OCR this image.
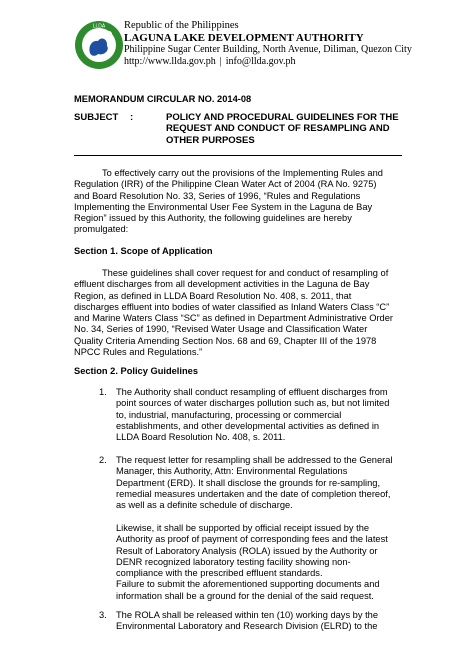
LLDA Republic of the Philippines
LAGUNA LAKE DEVELOPMENT AUTHORITY
Philippine Sugar Center Building, North Avenue, Diliman, Quezon City
http://www.llda.gov.ph | info@llda.gov.ph
MEMORANDUM CIRCULAR NO. 2014-08
SUBJECT :	POLICY AND PROCEDURAL GUIDELINES FOR THE
REQUEST AND CONDUCT OF RESAMPLING AND
OTHER PURPOSES
To effectively carry out the provisions of the Implementing Rules and
Regulation (IRR) of the Philippine Clean Water Act of 2004 (RA No. 9275)
and Board Resolution No. 33, Series of 1996, “Rules and Regulations
Implementing the Environmental User Fee System in the Laguna de Bay
Region” issued by this Authority, the following guidelines are hereby
promulgated:
Section 1. Scope of Application
These guidelines shall cover request for and conduct of resampling of
effluent discharges from all development activities in the Laguna de Bay
Region, as defined in LLDA Board Resolution No. 408, s. 2011, that
discharges effluent into bodies of water classified as Inland Waters Class “C”
and Marine Waters Class “SC” as defined in Department Administrative Order
No. 34, Series of 1990, “Revised Water Usage and Classification Water
Quality Criteria Amending Section Nos. 68 and 69, Chapter III of the 1978
NPCC Rules and Regulations.”
Section 2. Policy Guidelines
1. The Authority shall conduct resampling of effluent discharges from
point sources of water discharges pollution such as, but not limited
to, industrial, manufacturing, processing or commercial
establishments, and other developmental activities as defined in
LLDA Board Resolution No. 408, s. 2011.
2. The request letter for resampling shall be addressed to the General
Manager, this Authority, Attn: Environmental Regulations
Department (ERD). It shall disclose the grounds for re-sampling,
remedial measures undertaken and the date of completion thereof,
as well as a definite schedule of discharge.
Likewise, it shall be supported by official receipt issued by the
Authority as proof of payment of corresponding fees and the latest
Result of Laboratory Analysis (ROLA) issued by the Authority or
DENR recognized laboratory testing facility showing non-
compliance with the prescribed effluent standards.
Failure to submit the aforementioned supporting documents and
information shall be a ground for the denial of the said request.
3. The ROLA shall be released within ten (10) working days by the
Environmental Laboratory and Research Division (ELRD) to the
